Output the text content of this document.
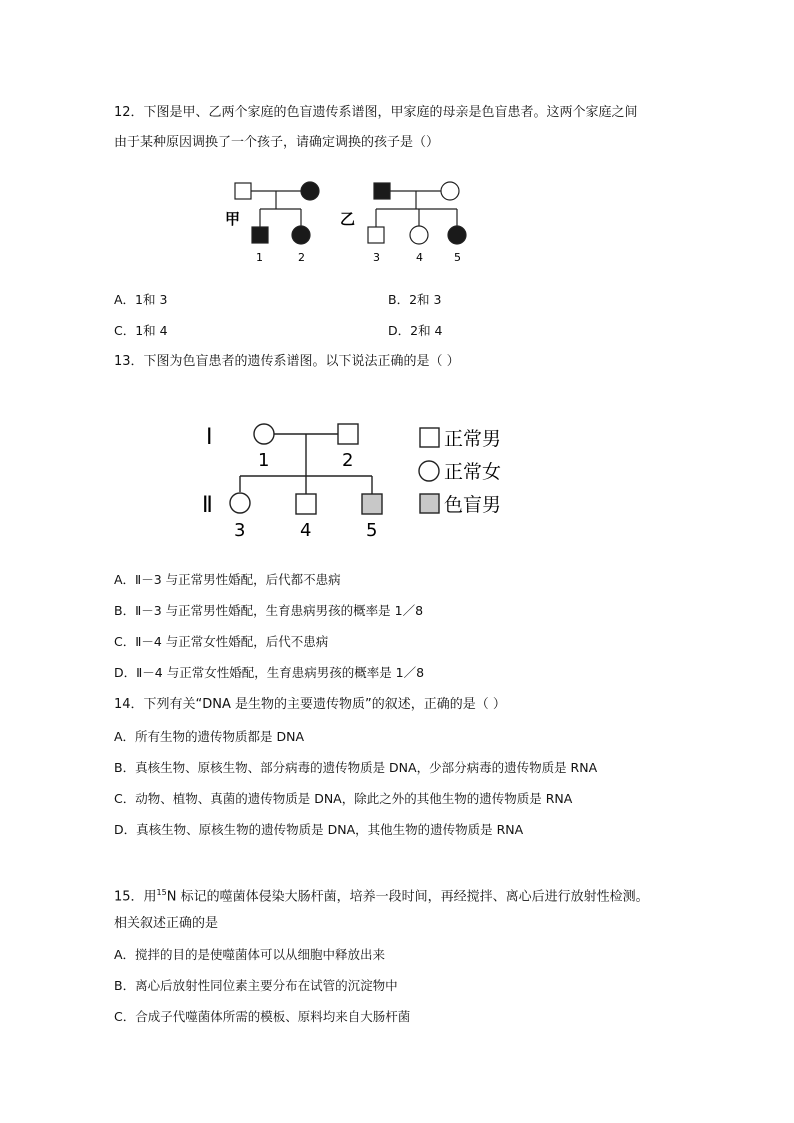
12．下图是甲、乙两个家庭的色盲遗传系谱图，甲家庭的母亲是色盲患者。这两个家庭之间
由于某种原因调换了一个孩子，请确定调换的孩子是（）
甲
1	2
乙
3	4	5
A．1和 3	B．2和 3
C．1和 4	D．2和 4
13．下图为色盲患者的遗传系谱图。以下说法正确的是（ ）
I
Ⅱ
1	2
3	4	5
正常男
正常女
色盲男
A．Ⅱ－3 与正常男性婚配，后代都不患病
B．Ⅱ－3 与正常男性婚配，生育患病男孩的概率是 1／8
C．Ⅱ－4 与正常女性婚配，后代不患病
D．Ⅱ－4 与正常女性婚配，生育患病男孩的概率是 1／8
14．下列有关“DNA 是生物的主要遗传物质”的叙述，正确的是（ ）
A．所有生物的遗传物质都是 DNA
B．真核生物、原核生物、部分病毒的遗传物质是 DNA，少部分病毒的遗传物质是 RNA
C．动物、植物、真菌的遗传物质是 DNA，除此之外的其他生物的遗传物质是 RNA
D．真核生物、原核生物的遗传物质是 DNA，其他生物的遗传物质是 RNA
15．用$^{15}$N 标记的噬菌体侵染大肠杆菌，培养一段时间，再经搅拌、离心后进行放射性检测。
相关叙述正确的是
A．搅拌的目的是使噬菌体可以从细胞中释放出来
B．离心后放射性同位素主要分布在试管的沉淀物中
C．合成子代噬菌体所需的模板、原料均来自大肠杆菌
